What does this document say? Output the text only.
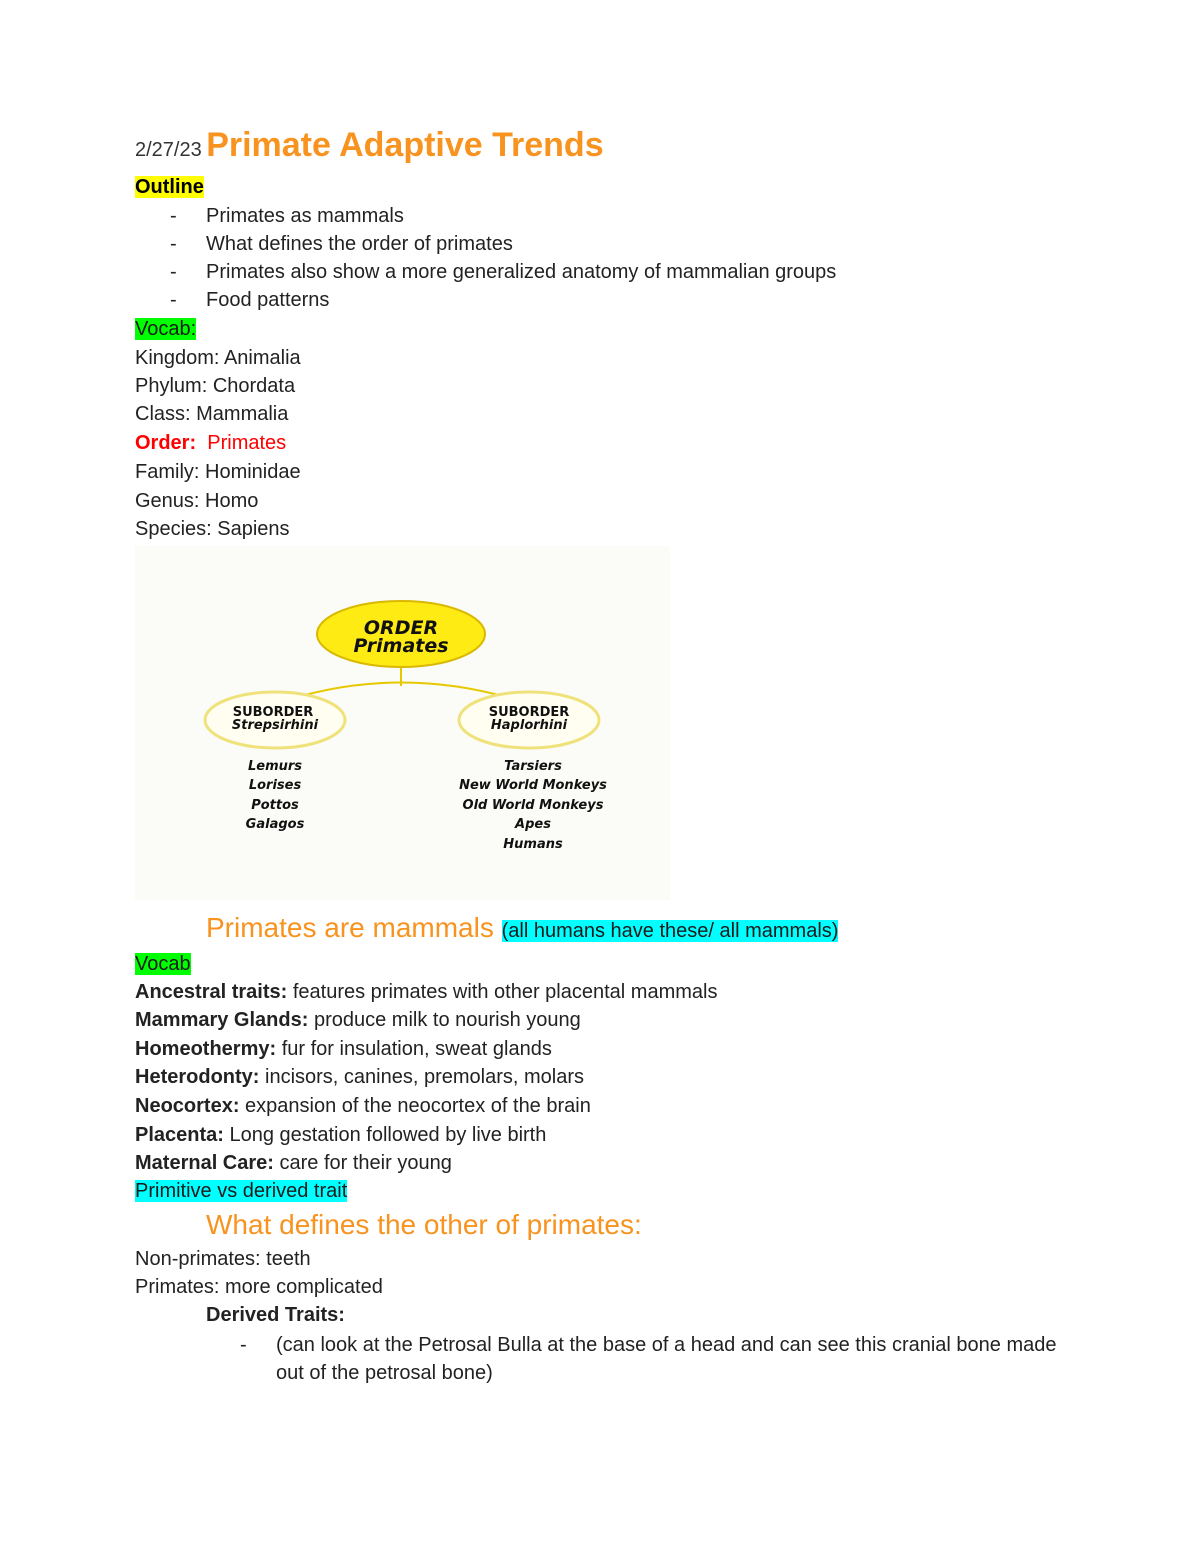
2/27/23 Primate Adaptive Trends
Outline
- Primates as mammals
- What defines the order of primates
- Primates also show a more generalized anatomy of mammalian groups
- Food patterns
Vocab:
Kingdom: Animalia
Phylum: Chordata
Class: Mammalia
Order: Primates
Family: Hominidae
Genus: Homo
Species: Sapiens
ORDER
Primates
SUBORDER
Strepsirhini
SUBORDER
Haplorhini
Lemurs
Lorises
Pottos
Galagos
Tarsiers
New World Monkeys
Old World Monkeys
Apes
Humans
Primates are mammals (all humans have these/ all mammals)
Vocab
Ancestral traits: features primates with other placental mammals
Mammary Glands: produce milk to nourish young
Homeothermy: fur for insulation, sweat glands
Heterodonty: incisors, canines, premolars, molars
Neocortex: expansion of the neocortex of the brain
Placenta: Long gestation followed by live birth
Maternal Care: care for their young
Primitive vs derived trait
What defines the other of primates:
Non-primates: teeth
Primates: more complicated
Derived Traits:
- (can look at the Petrosal Bulla at the base of a head and can see this cranial bone made out of the petrosal bone)
